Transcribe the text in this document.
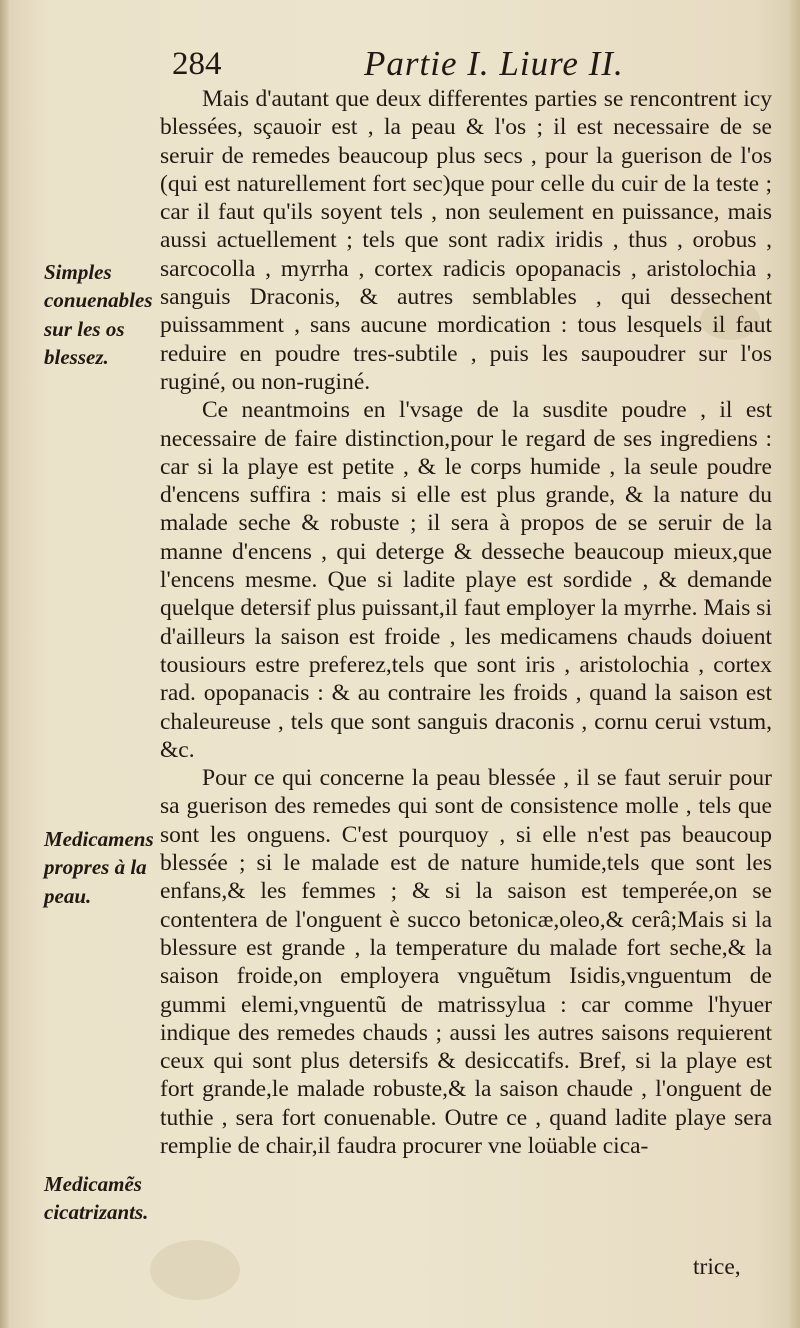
284	Partie I. Liure II.

Simples conuenables sur les os blessez.

Medicamens propres à la peau.

Medicamẽs cicatrizants.

Mais d'autant que deux differentes parties se rencontrent icy blessées, sçauoir est , la peau & l'os ; il est necessaire de se seruir de remedes beaucoup plus secs , pour la guerison de l'os (qui est naturellement fort sec)que pour celle du cuir de la teste ; car il faut qu'ils soyent tels , non seulement en puissance, mais aussi actuellement ; tels que sont radix iridis , thus , orobus , sarcocolla , myrrha , cortex radicis opopanacis , aristolochia , sanguis Draconis, & autres semblables , qui dessechent puissamment , sans aucune mordication : tous lesquels il faut reduire en poudre tres-subtile , puis les saupoudrer sur l'os ruginé, ou non-ruginé.

Ce neantmoins en l'vsage de la susdite poudre , il est necessaire de faire distinction,pour le regard de ses ingrediens : car si la playe est petite , & le corps humide , la seule poudre d'encens suffira : mais si elle est plus grande, & la nature du malade seche & robuste ; il sera à propos de se seruir de la manne d'encens , qui deterge & desseche beaucoup mieux,que l'encens mesme. Que si ladite playe est sordide , & demande quelque detersif plus puissant,il faut employer la myrrhe. Mais si d'ailleurs la saison est froide , les medicamens chauds doiuent tousiours estre preferez,tels que sont iris , aristolochia , cortex rad. opopanacis : & au contraire les froids , quand la saison est chaleureuse , tels que sont sanguis draconis , cornu cerui vstum, &c.

Pour ce qui concerne la peau blessée , il se faut seruir pour sa guerison des remedes qui sont de consistence molle , tels que sont les onguens. C'est pourquoy , si elle n'est pas beaucoup blessée ; si le malade est de nature humide,tels que sont les enfans,& les femmes ; & si la saison est temperée,on se contentera de l'onguent è succo betonicæ,oleo,& cerâ;Mais si la blessure est grande , la temperature du malade fort seche,& la saison froide,on employera vnguẽtum Isidis,vnguentum de gummi elemi,vnguentũ de matrissylua : car comme l'hyuer indique des remedes chauds ; aussi les autres saisons requierent ceux qui sont plus detersifs & desiccatifs. Bref, si la playe est fort grande,le malade robuste,& la saison chaude , l'onguent de tuthie , sera fort conuenable. Outre ce , quand ladite playe sera remplie de chair,il faudra procurer vne loüable cica-

trice,
